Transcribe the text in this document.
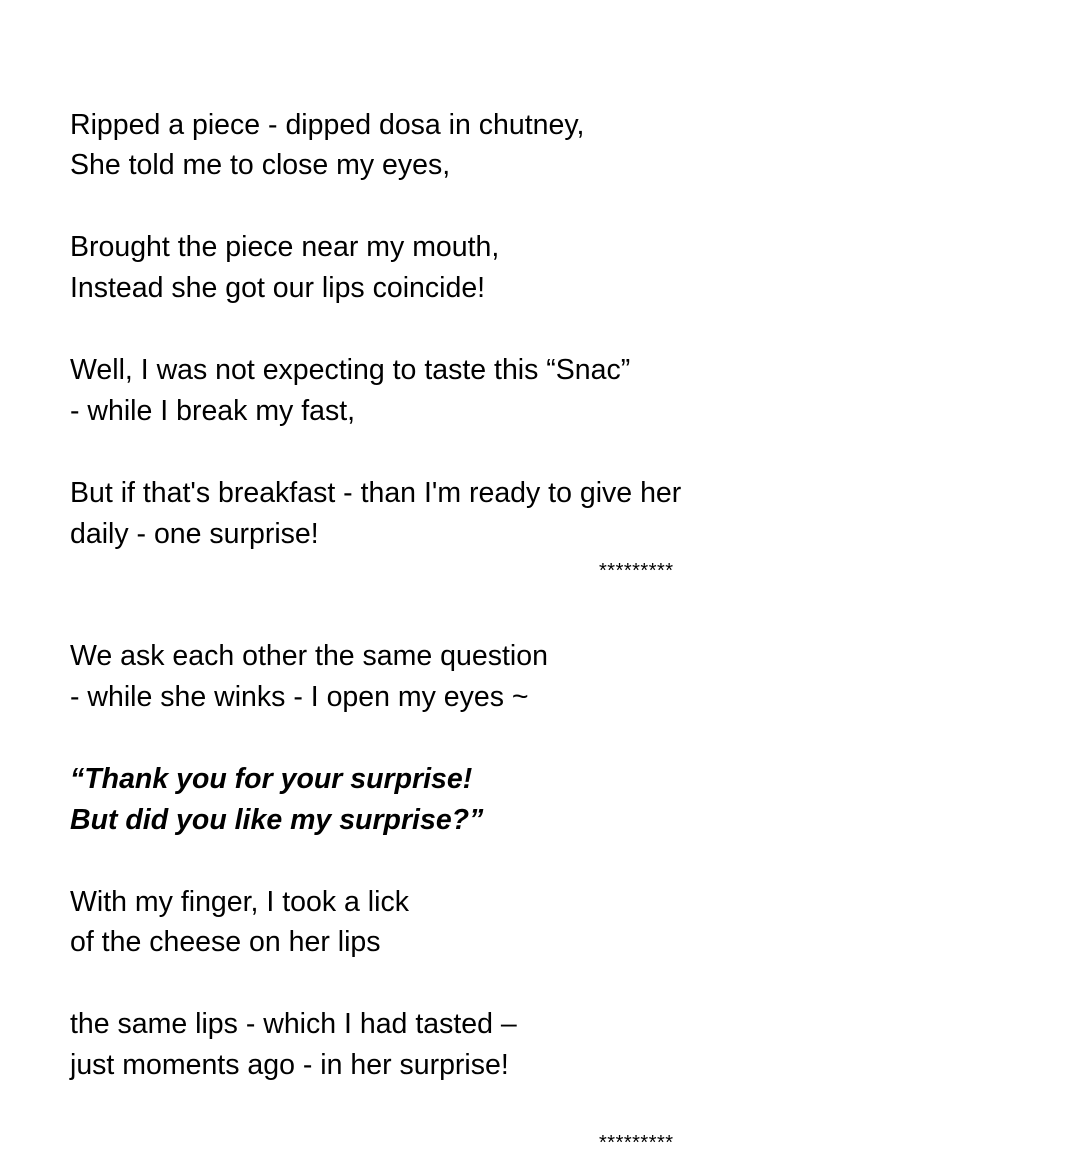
Ripped a piece - dipped dosa in chutney,
She told me to close my eyes,
Brought the piece near my mouth,
Instead she got our lips coincide!
Well, I was not expecting to taste this “Snac”
- while I break my fast,
But if that's breakfast - than I'm ready to give her
daily - one surprise!
*********
We ask each other the same question
- while she winks - I open my eyes ~
“Thank you for your surprise!
But did you like my surprise?”
With my finger, I took a lick
of the cheese on her lips
the same lips - which I had tasted –
just moments ago - in her surprise!
*********
